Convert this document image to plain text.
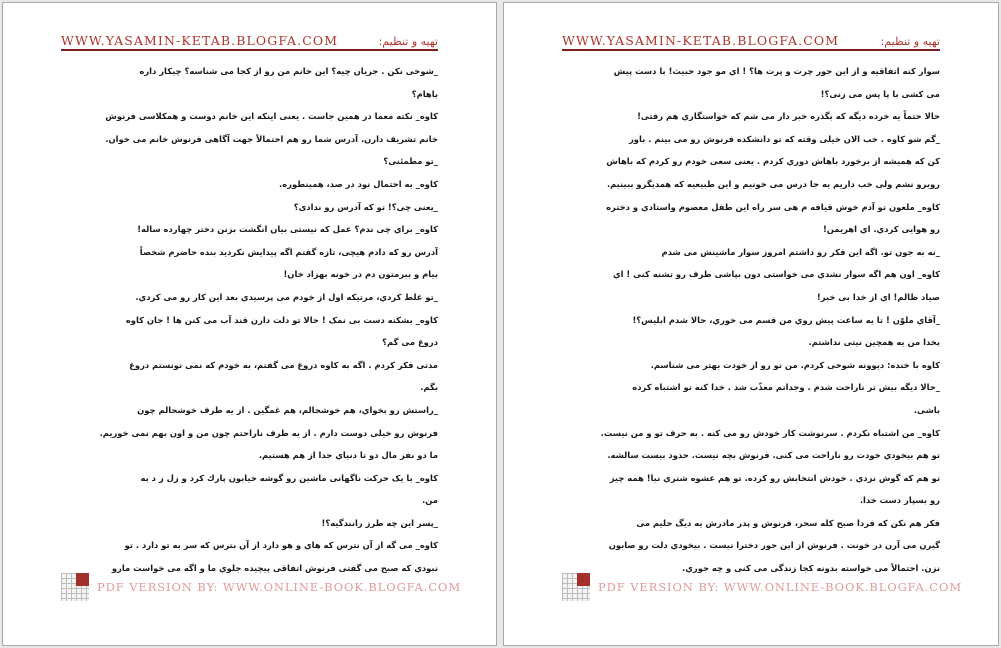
WWW.YASAMIN-KETAB.BLOGFA.COM	تهیه و تنظیم:
_شوخی نکن . جریان چیه؟ این خانم من رو از کجا می شناسه؟ چیکار داره
باهام؟
کاوه_ نکته معما در همین جاست . یعنی اینکه این خانم دوست و همکلاسی فرنوش
خانم تشریف دارن. آدرس شما رو هم احتمالاً جهت آگاهی فرنوش خانم می خوان.
_تو مطمئنی؟
کاوه_ به احتمال نود در صد، همینطوره.
_یعنی چی؟! تو که آدرس رو ندادی؟
کاوه_ براي چی ندم؟ عمل که نیستی بیان انگشت بزنن دختر چهارده ساله!
آدرس رو که دادم هیچی، تازه گفتم اگه پیدایش نکردید بنده حاضرم شخصاً
بیام و ببرمتون دم در خونه بهزاد خان!
_تو غلط کردي، مرتیکه اول از خودم می پرسیدي بعد این کار رو می کردي.
کاوه_ بشکنه دست بی نمک ! حالا تو دلت دارن قند آب می کنن ها ! جان کاوه
دروغ می گم؟
مدتی فکر کردم . اگه به کاوه دروغ می گفتم، به خودم که نمی تونستم دروغ
بگم.
_راستش رو بخواي، هم خوشحالم، هم غمگین . از یه طرف خوشحالم چون
فرنوش رو خیلی دوست دارم . از یه طرف ناراحتم چون من و اون بهم نمی خوریم.
ما دو نفر مال دو تا دنیاي جدا از هم هستیم.
کاوه_ با یک حرکت ناگهانی ماشین رو گوشه خیابون پارك کرد و زل ز د به
من.
_پسر این چه طرز رانندگیه؟!
کاوه_ می گه از آن نترس که هاي و هو دارد از آن بترس که سر به تو دارد . تو
نبودي که صبح می گفتی فرنوش اتفاقی پیچیده جلوي ما و اگه می خواست مارو
PDF VERSION BY: WWW.ONLINE-BOOK.BLOGFA.COM
WWW.YASAMIN-KETAB.BLOGFA.COM	تهیه و تنظیم:
سوار کنه اتفاقیه و از این جور چرت و پرت ها؟ ! اي مو جود خبیث! با دست پیش
می کشی با پا پس می زنی؟!
حالا حتماً یه خرده دیگه که بگذره خبر دار می شم که خواستگاري هم رفتی!
_گم شو کاوه . خب الان خیلی وقته که تو دانشکده فرنوش رو می بینم . باور
کن که همیشه از برخورد باهاش دوري کردم . یعنی سعی خودم رو کردم که باهاش
روبرو نشم ولی خب داریم یه جا درس می خونیم و این طبیعیه که همدیگرو ببینیم.
کاوه_ ملعون تو آدم خوش قیافه م هی سر راه این طفل معصوم واستادي و دختره
رو هوایی کردي. اي اهریمن!
_نه به جون تو. اگه این فکر رو داشتم امروز سوار ماشینش می شدم
کاوه_ اون هم اگه سوار نشدي می خواستی دون بپاشی طرف رو تشنه کنی ! اي
صیاد ظالم! اي از خدا بی خبر!
_آقاي ملوّن ! تا یه ساعت پیش روي من قسم می خوري، حالا شدم ابلیس؟!
بخدا من یه همچین نیتی نداشتم.
کاوه با خنده: دیوونه شوخی کردم. من تو رو از خودت بهتر می شناسم.
_حالا دیگه بیش تر ناراحت شدم . وجدانم معذّب شد . خدا کنه تو اشتباه کرده
باشی.
کاوه_ من اشتباه نکردم . سرنوشت کار خودش رو می کنه . به حرف تو و من نیست.
تو هم بیخودي خودت رو ناراحت می کنی. فرنوش بچه نیست. حدود بیست سالشه.
تو هم که گوش نزدي . خودش انتخابش رو کرده. تو هم عشوه شتري نیا! همه چیز
رو بسپار دست خدا.
فکر هم نکن که فردا صبح کله سحر، فرنوش و پدر مادرش یه دیگ حلیم می
گیرن می آرن در خونت . فرنوش از این جور دخترا نیست . بیخودي دلت رو صابون
نزن. احتمالاً می خواسته بدونه کجا زندگی می کنی و چه جوري.
PDF VERSION BY: WWW.ONLINE-BOOK.BLOGFA.COM
